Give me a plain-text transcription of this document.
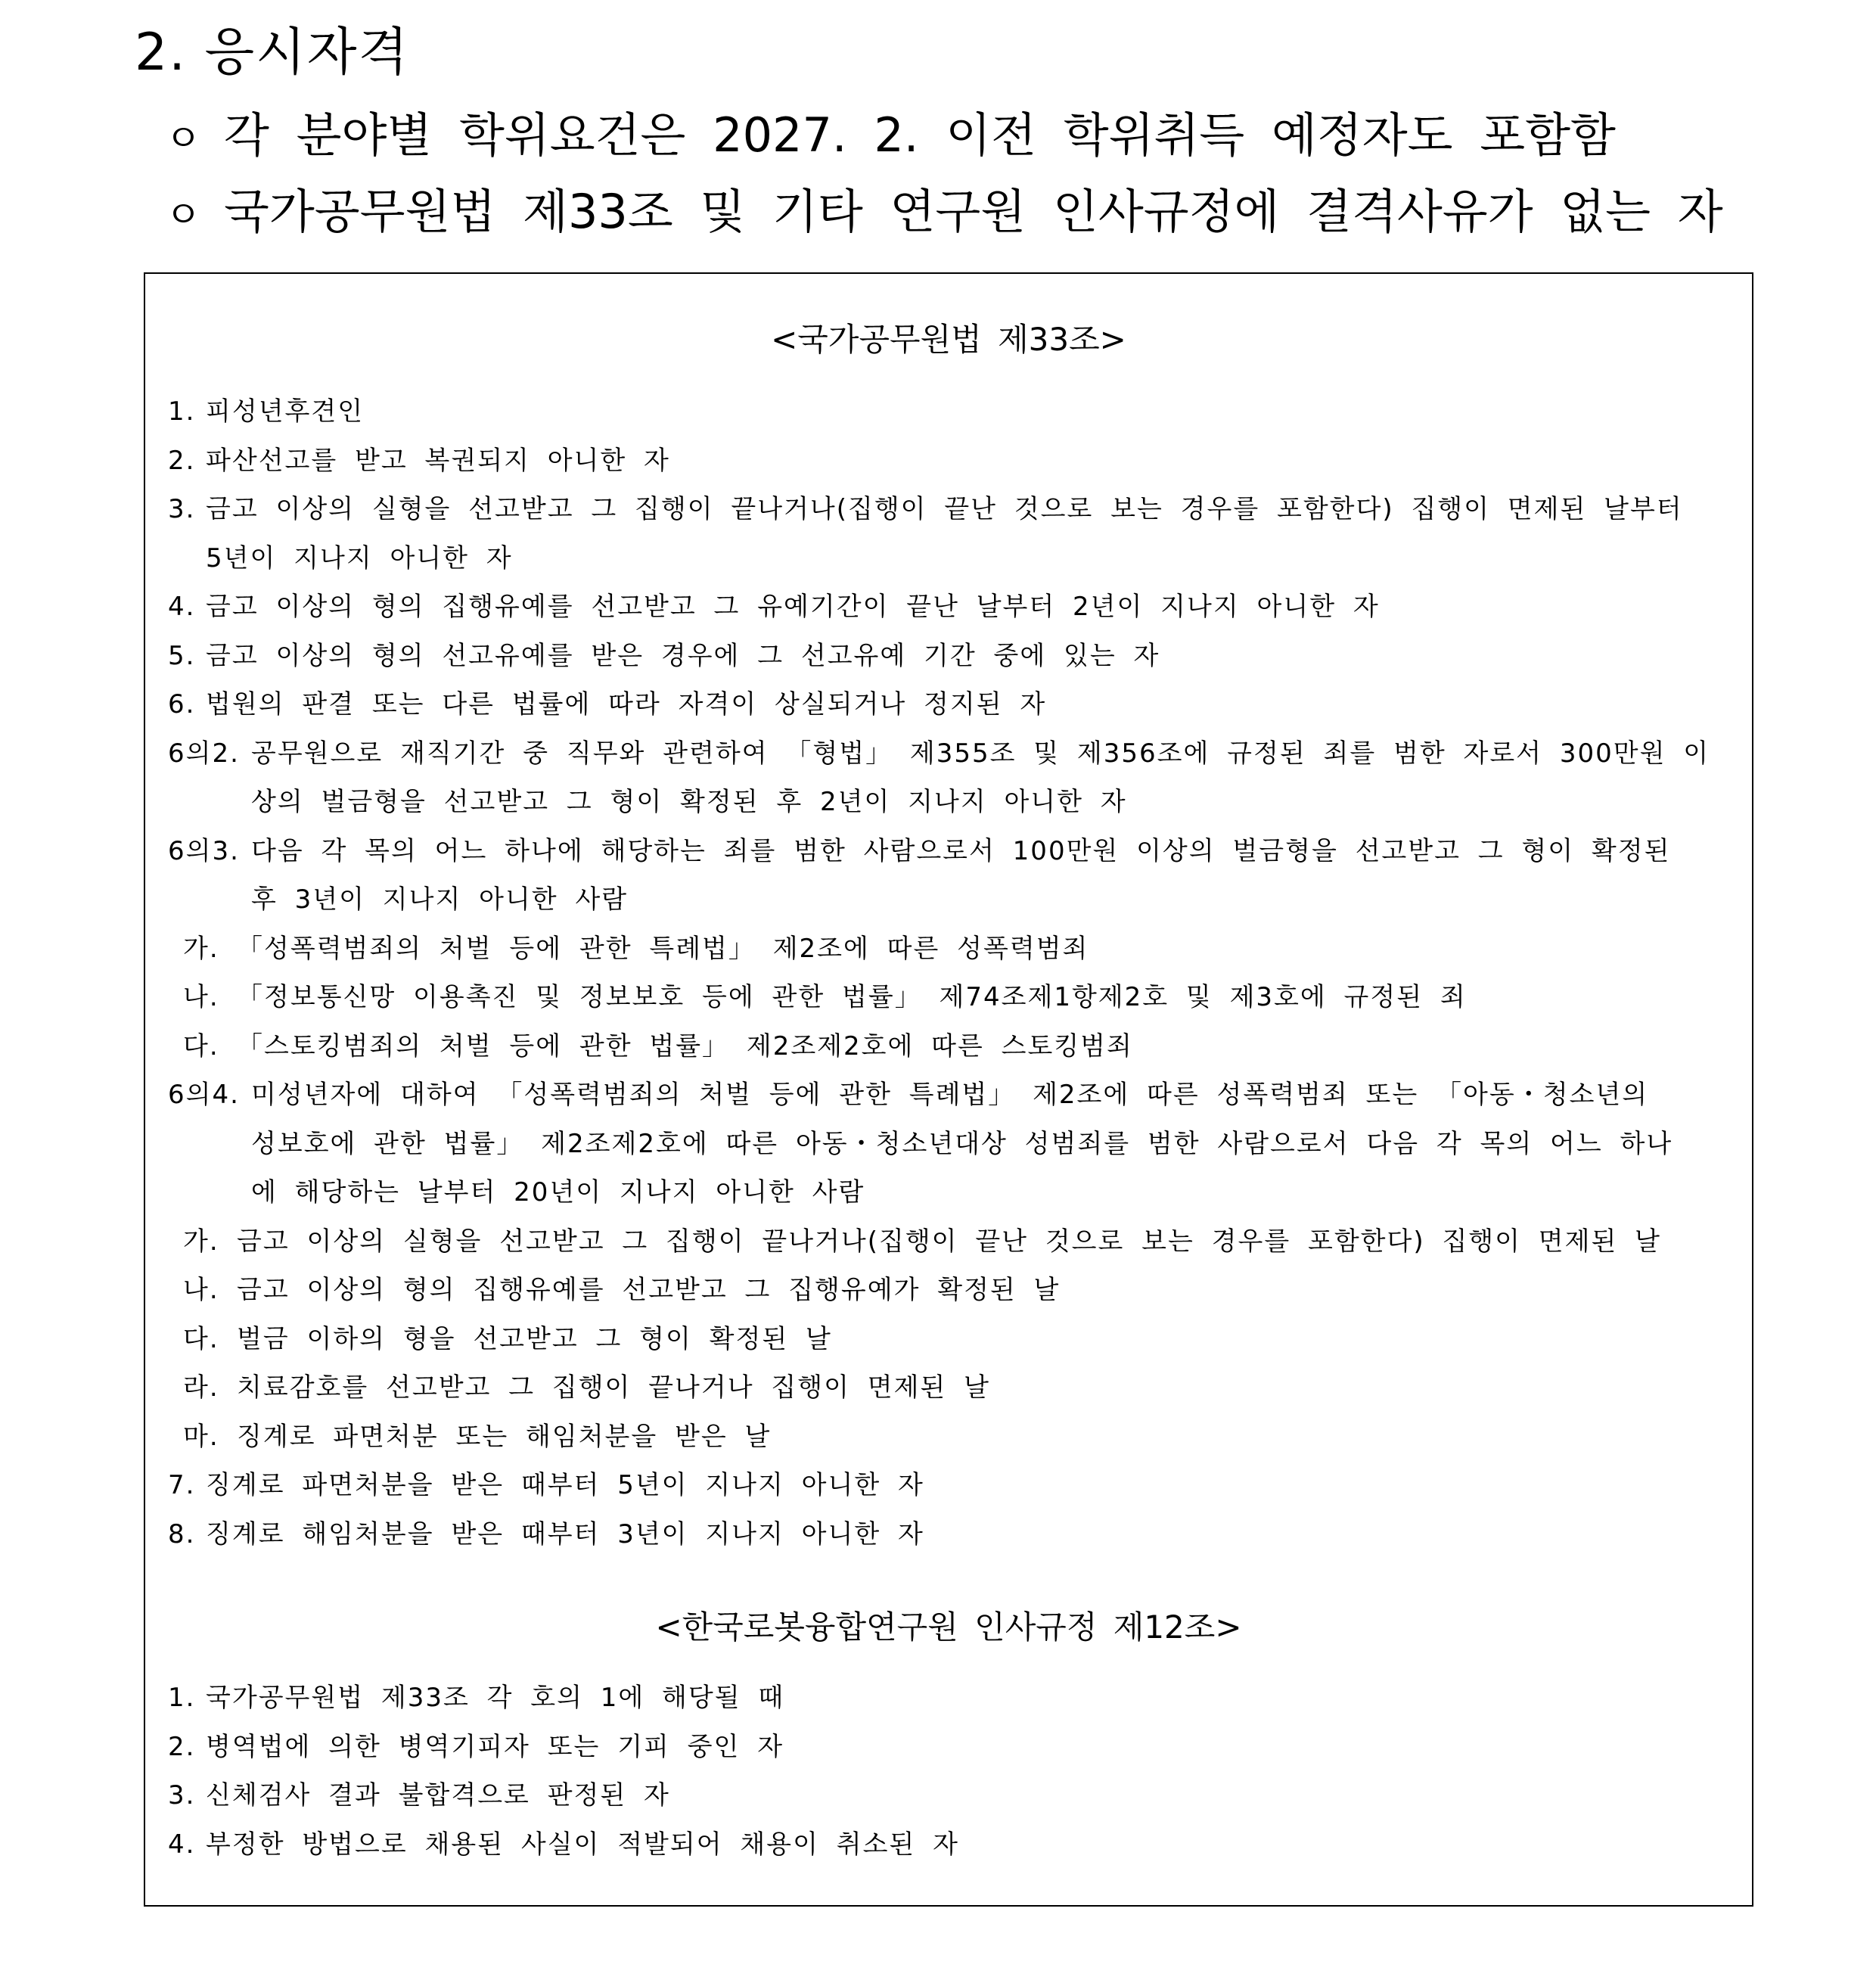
2. 응시자격
ㅇ 각 분야별 학위요건은 2027. 2. 이전 학위취득 예정자도 포함함
ㅇ 국가공무원법 제33조 및 기타 연구원 인사규정에 결격사유가 없는 자
<국가공무원법 제33조>
1. 피성년후견인
2. 파산선고를 받고 복권되지 아니한 자
3. 금고 이상의 실형을 선고받고 그 집행이 끝나거나(집행이 끝난 것으로 보는 경우를 포함한다) 집행이 면제된 날부터
5년이 지나지 아니한 자
4. 금고 이상의 형의 집행유예를 선고받고 그 유예기간이 끝난 날부터 2년이 지나지 아니한 자
5. 금고 이상의 형의 선고유예를 받은 경우에 그 선고유예 기간 중에 있는 자
6. 법원의 판결 또는 다른 법률에 따라 자격이 상실되거나 정지된 자
6의2. 공무원으로 재직기간 중 직무와 관련하여 「형법」 제355조 및 제356조에 규정된 죄를 범한 자로서 300만원 이
상의 벌금형을 선고받고 그 형이 확정된 후 2년이 지나지 아니한 자
6의3. 다음 각 목의 어느 하나에 해당하는 죄를 범한 사람으로서 100만원 이상의 벌금형을 선고받고 그 형이 확정된
후 3년이 지나지 아니한 사람
가. 「성폭력범죄의 처벌 등에 관한 특례법」 제2조에 따른 성폭력범죄
나. 「정보통신망 이용촉진 및 정보보호 등에 관한 법률」 제74조제1항제2호 및 제3호에 규정된 죄
다. 「스토킹범죄의 처벌 등에 관한 법률」 제2조제2호에 따른 스토킹범죄
6의4. 미성년자에 대하여 「성폭력범죄의 처벌 등에 관한 특례법」 제2조에 따른 성폭력범죄 또는 「아동・청소년의
성보호에 관한 법률」 제2조제2호에 따른 아동・청소년대상 성범죄를 범한 사람으로서 다음 각 목의 어느 하나
에 해당하는 날부터 20년이 지나지 아니한 사람
가. 금고 이상의 실형을 선고받고 그 집행이 끝나거나(집행이 끝난 것으로 보는 경우를 포함한다) 집행이 면제된 날
나. 금고 이상의 형의 집행유예를 선고받고 그 집행유예가 확정된 날
다. 벌금 이하의 형을 선고받고 그 형이 확정된 날
라. 치료감호를 선고받고 그 집행이 끝나거나 집행이 면제된 날
마. 징계로 파면처분 또는 해임처분을 받은 날
7. 징계로 파면처분을 받은 때부터 5년이 지나지 아니한 자
8. 징계로 해임처분을 받은 때부터 3년이 지나지 아니한 자
<한국로봇융합연구원 인사규정 제12조>
1. 국가공무원법 제33조 각 호의 1에 해당될 때
2. 병역법에 의한 병역기피자 또는 기피 중인 자
3. 신체검사 결과 불합격으로 판정된 자
4. 부정한 방법으로 채용된 사실이 적발되어 채용이 취소된 자
